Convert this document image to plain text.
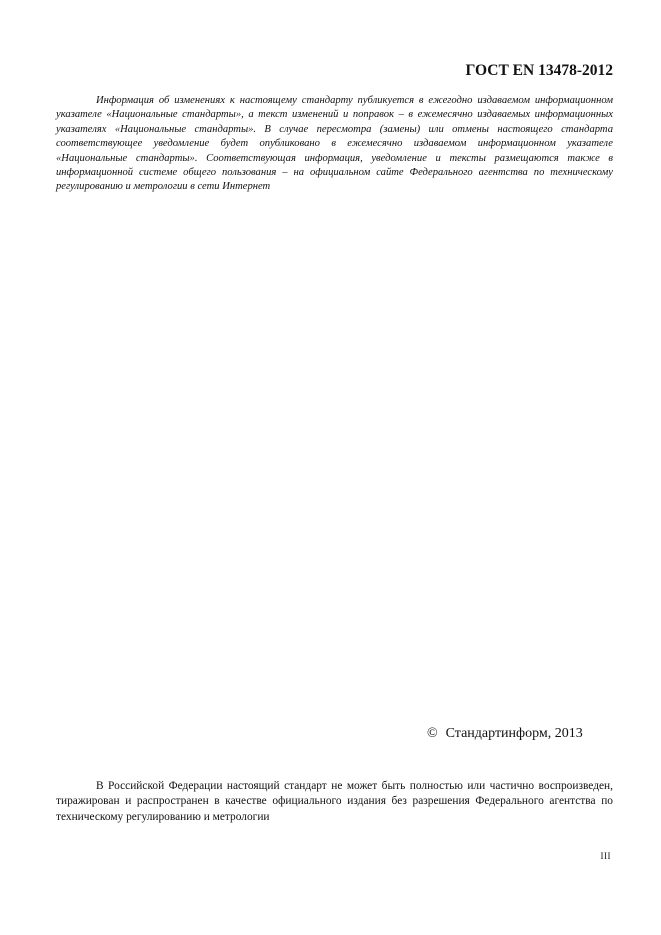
ГОСТ EN 13478-2012

Информация об изменениях к настоящему стандарту публикуется в ежегодно издаваемом информационном указателе «Национальные стандарты», а текст изменений и поправок – в ежемесячно издаваемых информационных указателях «Национальные стандарты». В случае пересмотра (замены) или отмены настоящего стандарта соответствующее уведомление будет опубликовано в ежемесячно издаваемом информационном указателе «Национальные стандарты». Соответствующая информация, уведомление и тексты размещаются также в информационной системе общего пользования – на официальном сайте Федерального агентства по техническому регулированию и метрологии в сети Интернет

© Стандартинформ, 2013

В Российской Федерации настоящий стандарт не может быть полностью или частично воспроизведен, тиражирован и распространен в качестве официального издания без разрешения Федерального агентства по техническому регулированию и метрологии

III
